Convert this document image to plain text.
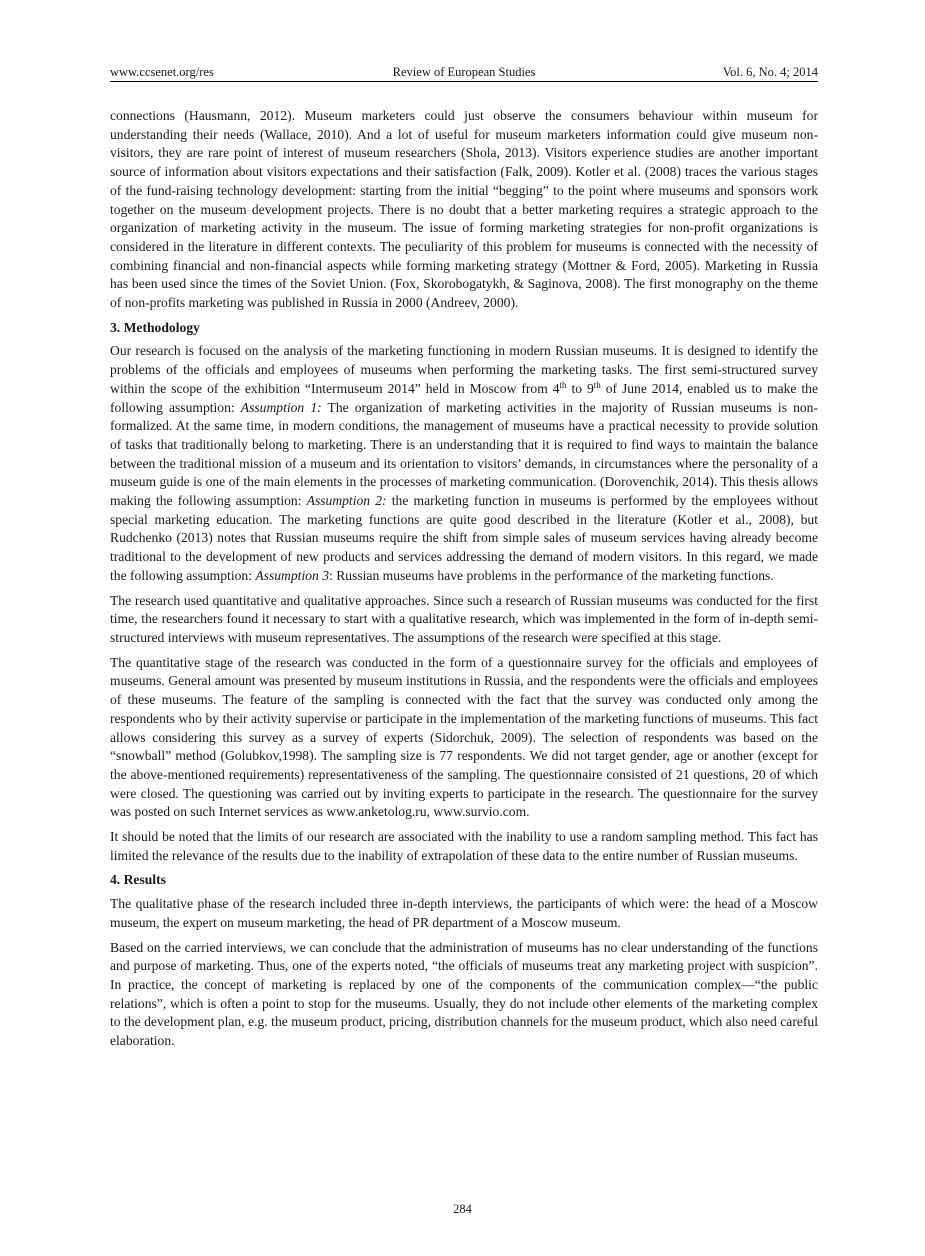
www.ccsenet.org/res	Review of European Studies	Vol. 6, No. 4; 2014

connections (Hausmann, 2012). Museum marketers could just observe the consumers behaviour within museum for understanding their needs (Wallace, 2010). And a lot of useful for museum marketers information could give museum non-visitors, they are rare point of interest of museum researchers (Shola, 2013). Visitors experience studies are another important source of information about visitors expectations and their satisfaction (Falk, 2009). Kotler et al. (2008) traces the various stages of the fund-raising technology development: starting from the initial “begging” to the point where museums and sponsors work together on the museum development projects. There is no doubt that a better marketing requires a strategic approach to the organization of marketing activity in the museum. The issue of forming marketing strategies for non-profit organizations is considered in the literature in different contexts. The peculiarity of this problem for museums is connected with the necessity of combining financial and non-financial aspects while forming marketing strategy (Mottner & Ford, 2005). Marketing in Russia has been used since the times of the Soviet Union. (Fox, Skorobogatykh, & Saginova, 2008). The first monography on the theme of non-profits marketing was published in Russia in 2000 (Andreev, 2000).

3. Methodology

Our research is focused on the analysis of the marketing functioning in modern Russian museums. It is designed to identify the problems of the officials and employees of museums when performing the marketing tasks. The first semi-structured survey within the scope of the exhibition “Intermuseum 2014” held in Moscow from 4th to 9th of June 2014, enabled us to make the following assumption: Assumption 1: The organization of marketing activities in the majority of Russian museums is non-formalized. At the same time, in modern conditions, the management of museums have a practical necessity to provide solution of tasks that traditionally belong to marketing. There is an understanding that it is required to find ways to maintain the balance between the traditional mission of a museum and its orientation to visitors’ demands, in circumstances where the personality of a museum guide is one of the main elements in the processes of marketing communication. (Dorovenchik, 2014). This thesis allows making the following assumption: Assumption 2: the marketing function in museums is performed by the employees without special marketing education. The marketing functions are quite good described in the literature (Kotler et al., 2008), but Rudchenko (2013) notes that Russian museums require the shift from simple sales of museum services having already become traditional to the development of new products and services addressing the demand of modern visitors. In this regard, we made the following assumption: Assumption 3: Russian museums have problems in the performance of the marketing functions.

The research used quantitative and qualitative approaches. Since such a research of Russian museums was conducted for the first time, the researchers found it necessary to start with a qualitative research, which was implemented in the form of in-depth semi-structured interviews with museum representatives. The assumptions of the research were specified at this stage.

The quantitative stage of the research was conducted in the form of a questionnaire survey for the officials and employees of museums. General amount was presented by museum institutions in Russia, and the respondents were the officials and employees of these museums. The feature of the sampling is connected with the fact that the survey was conducted only among the respondents who by their activity supervise or participate in the implementation of the marketing functions of museums. This fact allows considering this survey as a survey of experts (Sidorchuk, 2009). The selection of respondents was based on the “snowball” method (Golubkov,1998). The sampling size is 77 respondents. We did not target gender, age or another (except for the above-mentioned requirements) representativeness of the sampling. The questionnaire consisted of 21 questions, 20 of which were closed. The questioning was carried out by inviting experts to participate in the research. The questionnaire for the survey was posted on such Internet services as www.anketolog.ru, www.survio.com.

It should be noted that the limits of our research are associated with the inability to use a random sampling method. This fact has limited the relevance of the results due to the inability of extrapolation of these data to the entire number of Russian museums.

4. Results

The qualitative phase of the research included three in-depth interviews, the participants of which were: the head of a Moscow museum, the expert on museum marketing, the head of PR department of a Moscow museum.

Based on the carried interviews, we can conclude that the administration of museums has no clear understanding of the functions and purpose of marketing. Thus, one of the experts noted, “the officials of museums treat any marketing project with suspicion”. In practice, the concept of marketing is replaced by one of the components of the communication complex—“the public relations”, which is often a point to stop for the museums. Usually, they do not include other elements of the marketing complex to the development plan, e.g. the museum product, pricing, distribution channels for the museum product, which also need careful elaboration.

284
